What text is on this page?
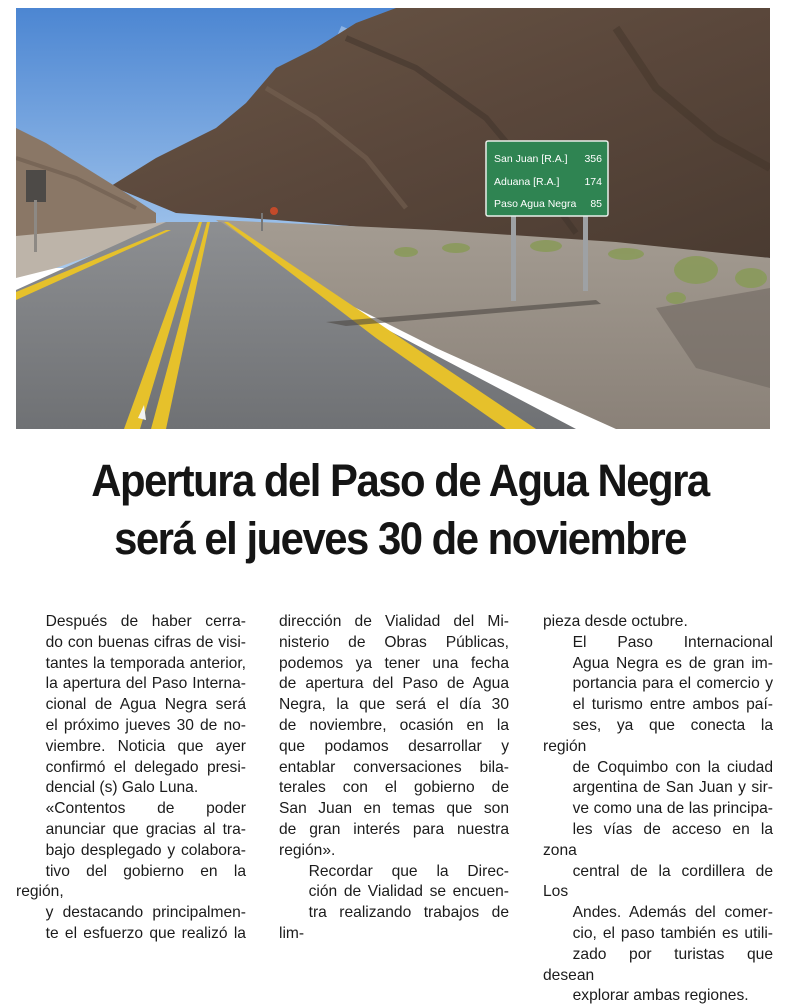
San Juan [R.A.] 356
Aduana [R.A.] 174
Paso Agua Negra 85
Apertura del Paso de Agua Negra
será el jueves 30 de noviembre

Después de haber cerra-
do con buenas cifras de visi-
tantes la temporada anterior,
la apertura del Paso Interna-
cional de Agua Negra será
el próximo jueves 30 de no-
viembre. Noticia que ayer
confirmó el delegado presi-
dencial (s) Galo Luna.

«Contentos de poder
anunciar que gracias al tra-
bajo desplegado y colabora-
tivo del gobierno en la región,
y destacando principalmen-
te el esfuerzo que realizó la

dirección de Vialidad del Mi-
nisterio de Obras Públicas,
podemos ya tener una fecha
de apertura del Paso de Agua
Negra, la que será el día 30
de noviembre, ocasión en la
que podamos desarrollar y
entablar conversaciones bila-
terales con el gobierno de
San Juan en temas que son
de gran interés para nuestra
región».

Recordar que la Direc-
ción de Vialidad se encuen-
tra realizando trabajos de lim-

pieza desde octubre.

El Paso Internacional
Agua Negra es de gran im-
portancia para el comercio y
el turismo entre ambos paí-
ses, ya que conecta la región
de Coquimbo con la ciudad
argentina de San Juan y sir-
ve como una de las principa-
les vías de acceso en la zona
central de la cordillera de Los
Andes. Además del comer-
cio, el paso también es utili-
zado por turistas que desean
explorar ambas regiones.
